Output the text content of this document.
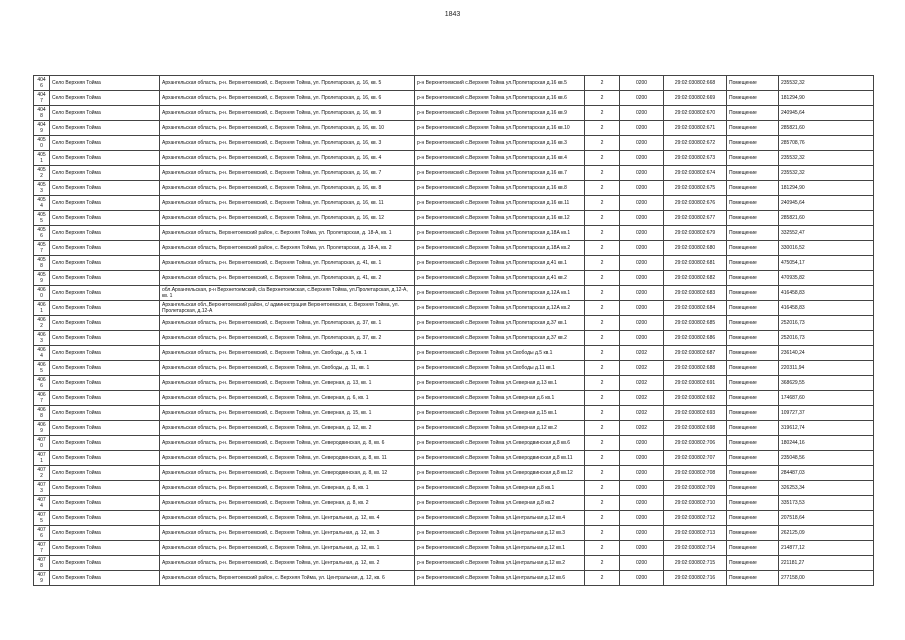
1843
4046	Село Верхняя Тойма	Архангельская область, р-н. Верхнетоемский, с. Верхняя Тойма, ул. Пролетарская, д. 16, кв. 5	р-н Верхнетоемский с.Верхняя Тойма ул.Пролетарская д.16 кв.5	2	0200	29:02:030802:668	Помещение	235532,32
4047	Село Верхняя Тойма	Архангельская область, р-н. Верхнетоемский, с. Верхняя Тойма, ул. Пролетарская, д. 16, кв. 6	р-н Верхнетоемский с.Верхняя Тойма ул.Пролетарская д.16 кв.6	2	0200	29:02:030802:669	Помещение	181294,90
4048	Село Верхняя Тойма	Архангельская область, р-н. Верхнетоемский, с. Верхняя Тойма, ул. Пролетарская, д. 16, кв. 9	р-н Верхнетоемский с.Верхняя Тойма ул.Пролетарская д.16 кв.9	2	0200	29:02:030802:670	Помещение	240945,64
4049	Село Верхняя Тойма	Архангельская область, р-н. Верхнетоемский, с. Верхняя Тойма, ул. Пролетарская, д. 16, кв. 10	р-н Верхнетоемский с.Верхняя Тойма ул.Пролетарская д.16 кв.10	2	0200	29:02:030802:671	Помещение	285821,60
4050	Село Верхняя Тойма	Архангельская область, р-н. Верхнетоемский, с. Верхняя Тойма, ул. Пролетарская, д. 16, кв. 3	р-н Верхнетоемский с.Верхняя Тойма ул.Пролетарская д.16 кв.3	2	0200	29:02:030802:672	Помещение	285708,76
4051	Село Верхняя Тойма	Архангельская область, р-н. Верхнетоемский, с. Верхняя Тойма, ул. Пролетарская, д. 16, кв. 4	р-н Верхнетоемский с.Верхняя Тойма ул.Пролетарская д.16 кв.4	2	0200	29:02:030802:673	Помещение	235532,32
4052	Село Верхняя Тойма	Архангельская область, р-н. Верхнетоемский, с. Верхняя Тойма, ул. Пролетарская, д. 16, кв. 7	р-н Верхнетоемский с.Верхняя Тойма ул.Пролетарская д.16 кв.7	2	0200	29:02:030802:674	Помещение	235532,32
4053	Село Верхняя Тойма	Архангельская область, р-н. Верхнетоемский, с. Верхняя Тойма, ул. Пролетарская, д. 16, кв. 8	р-н Верхнетоемский с.Верхняя Тойма ул.Пролетарская д.16 кв.8	2	0200	29:02:030802:675	Помещение	181294,90
4054	Село Верхняя Тойма	Архангельская область, р-н. Верхнетоемский, с. Верхняя Тойма, ул. Пролетарская, д. 16, кв. 11	р-н Верхнетоемский с.Верхняя Тойма ул.Пролетарская д.16 кв.11	2	0200	29:02:030802:676	Помещение	240945,64
4055	Село Верхняя Тойма	Архангельская область, р-н. Верхнетоемский, с. Верхняя Тойма, ул. Пролетарская, д. 16, кв. 12	р-н Верхнетоемский с.Верхняя Тойма ул.Пролетарская д.16 кв.12	2	0200	29:02:030802:677	Помещение	285821,60
4056	Село Верхняя Тойма	Архангельская область, Верхнетоемский район, с. Верхняя Тойма, ул. Пролетарская, д. 18-А, кв. 1	р-н Верхнетоемский с.Верхняя Тойма ул.Пролетарская д.18А кв.1	2	0200	29:02:030802:679	Помещение	332552,47
4057	Село Верхняя Тойма	Архангельская область, Верхнетоемский район, с. Верхняя Тойма, ул. Пролетарская, д. 18-А, кв. 2	р-н Верхнетоемский с.Верхняя Тойма ул.Пролетарская д.18А кв.2	2	0200	29:02:030802:680	Помещение	330016,52
4058	Село Верхняя Тойма	Архангельская область, р-н. Верхнетоемский, с. Верхняя Тойма, ул. Пролетарская, д. 41, кв. 1	р-н Верхнетоемский с.Верхняя Тойма ул.Пролетарская д.41 кв.1	2	0200	29:02:030802:681	Помещение	475054,17
4059	Село Верхняя Тойма	Архангельская область, р-н. Верхнетоемский, с. Верхняя Тойма, ул. Пролетарская, д. 41, кв. 2	р-н Верхнетоемский с.Верхняя Тойма ул.Пролетарская д.41 кв.2	2	0200	29:02:030802:682	Помещение	470935,82
4060	Село Верхняя Тойма	обл.Архангельская, р-н Верхнетоемский, с/а Верхнетоемская, с.Верхняя Тойма, ул.Пролетарская, д.12-А, кв. 1	р-н Верхнетоемский с.Верхняя Тойма ул.Пролетарская д.12А кв.1	2	0200	29:02:030802:683	Помещение	416458,83
4061	Село Верхняя Тойма	Архангельская обл.,Верхнетоемский район, с/ администрация Верхнетоемская, с. Верхняя Тойма, ул. Пролетарская, д.12-А	р-н Верхнетоемский с.Верхняя Тойма ул.Пролетарская д.12А кв.2	2	0200	29:02:030802:684	Помещение	416458,83
4062	Село Верхняя Тойма	Архангельская область, р-н. Верхнетоемский, с. Верхняя Тойма, ул. Пролетарская, д. 37, кв. 1	р-н Верхнетоемский с.Верхняя Тойма ул.Пролетарская д.37 кв.1	2	0200	29:02:030802:685	Помещение	252016,73
4063	Село Верхняя Тойма	Архангельская область, р-н. Верхнетоемский, с. Верхняя Тойма, ул. Пролетарская, д. 37, кв. 2	р-н Верхнетоемский с.Верхняя Тойма ул.Пролетарская д.37 кв.2	2	0200	29:02:030802:686	Помещение	252016,73
4064	Село Верхняя Тойма	Архангельская область, р-н. Верхнетоемский, с. Верхняя Тойма, ул. Свободы, д. 5, кв. 1	р-н Верхнетоемский с.Верхняя Тойма ул.Свободы д.5 кв.1	2	0202	29:02:030802:687	Помещение	236140,24
4065	Село Верхняя Тойма	Архангельская область, р-н. Верхнетоемский, с. Верхняя Тойма, ул. Свободы, д. 11, кв. 1	р-н Верхнетоемский с.Верхняя Тойма ул.Свободы д.11 кв.1	2	0202	29:02:030802:688	Помещение	220311,94
4066	Село Верхняя Тойма	Архангельская область, р-н. Верхнетоемский, с. Верхняя Тойма, ул. Северная, д. 13, кв. 1	р-н Верхнетоемский с.Верхняя Тойма ул.Северная д.13 кв.1	2	0202	29:02:030802:691	Помещение	368629,55
4067	Село Верхняя Тойма	Архангельская область, р-н. Верхнетоемский, с. Верхняя Тойма, ул. Северная, д. 6, кв. 1	р-н Верхнетоемский с.Верхняя Тойма ул.Северная д.6 кв.1	2	0202	29:02:030802:692	Помещение	174687,60
4068	Село Верхняя Тойма	Архангельская область, р-н. Верхнетоемский, с. Верхняя Тойма, ул. Северная, д. 15, кв. 1	р-н Верхнетоемский с.Верхняя Тойма ул.Северная д.15 кв.1	2	0202	29:02:030802:693	Помещение	109727,37
4069	Село Верхняя Тойма	Архангельская область, р-н. Верхнетоемский, с. Верхняя Тойма, ул. Северная, д. 12, кв. 2	р-н Верхнетоемский с.Верхняя Тойма ул.Северная д.12 кв.2	2	0202	29:02:030802:698	Помещение	319612,74
4070	Село Верхняя Тойма	Архангельская область, р-н. Верхнетоемский, с. Верхняя Тойма, ул. Северодвинская, д. 8, кв. 6	р-н Верхнетоемский с.Верхняя Тойма ул.Северодвинская д.8 кв.6	2	0200	29:02:030802:706	Помещение	180244,16
4071	Село Верхняя Тойма	Архангельская область, р-н. Верхнетоемский, с. Верхняя Тойма, ул. Северодвинская, д. 8, кв. 11	р-н Верхнетоемский с.Верхняя Тойма ул.Северодвинская д.8 кв.11	2	0200	29:02:030802:707	Помещение	235048,56
4072	Село Верхняя Тойма	Архангельская область, р-н. Верхнетоемский, с. Верхняя Тойма, ул. Северодвинская, д. 8, кв. 12	р-н Верхнетоемский с.Верхняя Тойма ул.Северодвинская д.8 кв.12	2	0200	29:02:030802:708	Помещение	284487,03
4073	Село Верхняя Тойма	Архангельская область, р-н. Верхнетоемский, с. Верхняя Тойма, ул. Северная, д. 8, кв. 1	р-н Верхнетоемский с.Верхняя Тойма ул.Северная д.8 кв.1	2	0200	29:02:030802:709	Помещение	326253,34
4074	Село Верхняя Тойма	Архангельская область, р-н. Верхнетоемский, с. Верхняя Тойма, ул. Северная, д. 8, кв. 2	р-н Верхнетоемский с.Верхняя Тойма ул.Северная д.8 кв.2	2	0200	29:02:030802:710	Помещение	335173,53
4075	Село Верхняя Тойма	Архангельская область, р-н. Верхнетоемский, с. Верхняя Тойма, ул. Центральная, д. 12, кв. 4	р-н Верхнетоемский с.Верхняя Тойма ул.Центральная д.12 кв.4	2	0200	29:02:030802:712	Помещение	207518,64
4076	Село Верхняя Тойма	Архангельская область, р-н. Верхнетоемский, с. Верхняя Тойма, ул. Центральная, д. 12, кв. 3	р-н Верхнетоемский с.Верхняя Тойма ул.Центральная д.12 кв.3	2	0200	29:02:030802:713	Помещение	262125,09
4077	Село Верхняя Тойма	Архангельская область, р-н. Верхнетоемский, с. Верхняя Тойма, ул. Центральная, д. 12, кв. 1	р-н Верхнетоемский с.Верхняя Тойма ул.Центральная д.12 кв.1	2	0200	29:02:030802:714	Помещение	214877,12
4078	Село Верхняя Тойма	Архангельская область, р-н. Верхнетоемский, с. Верхняя Тойма, ул. Центральная, д. 12, кв. 2	р-н Верхнетоемский с.Верхняя Тойма ул.Центральная д.12 кв.2	2	0200	29:02:030802:715	Помещение	221181,27
4079	Село Верхняя Тойма	Архангельская область, Верхнетоемский район, с. Верхняя Тойма, ул. Центральная, д. 12, кв. 6	р-н Верхнетоемский с.Верхняя Тойма ул.Центральная д.12 кв.6	2	0200	29:02:030802:716	Помещение	277158,00
